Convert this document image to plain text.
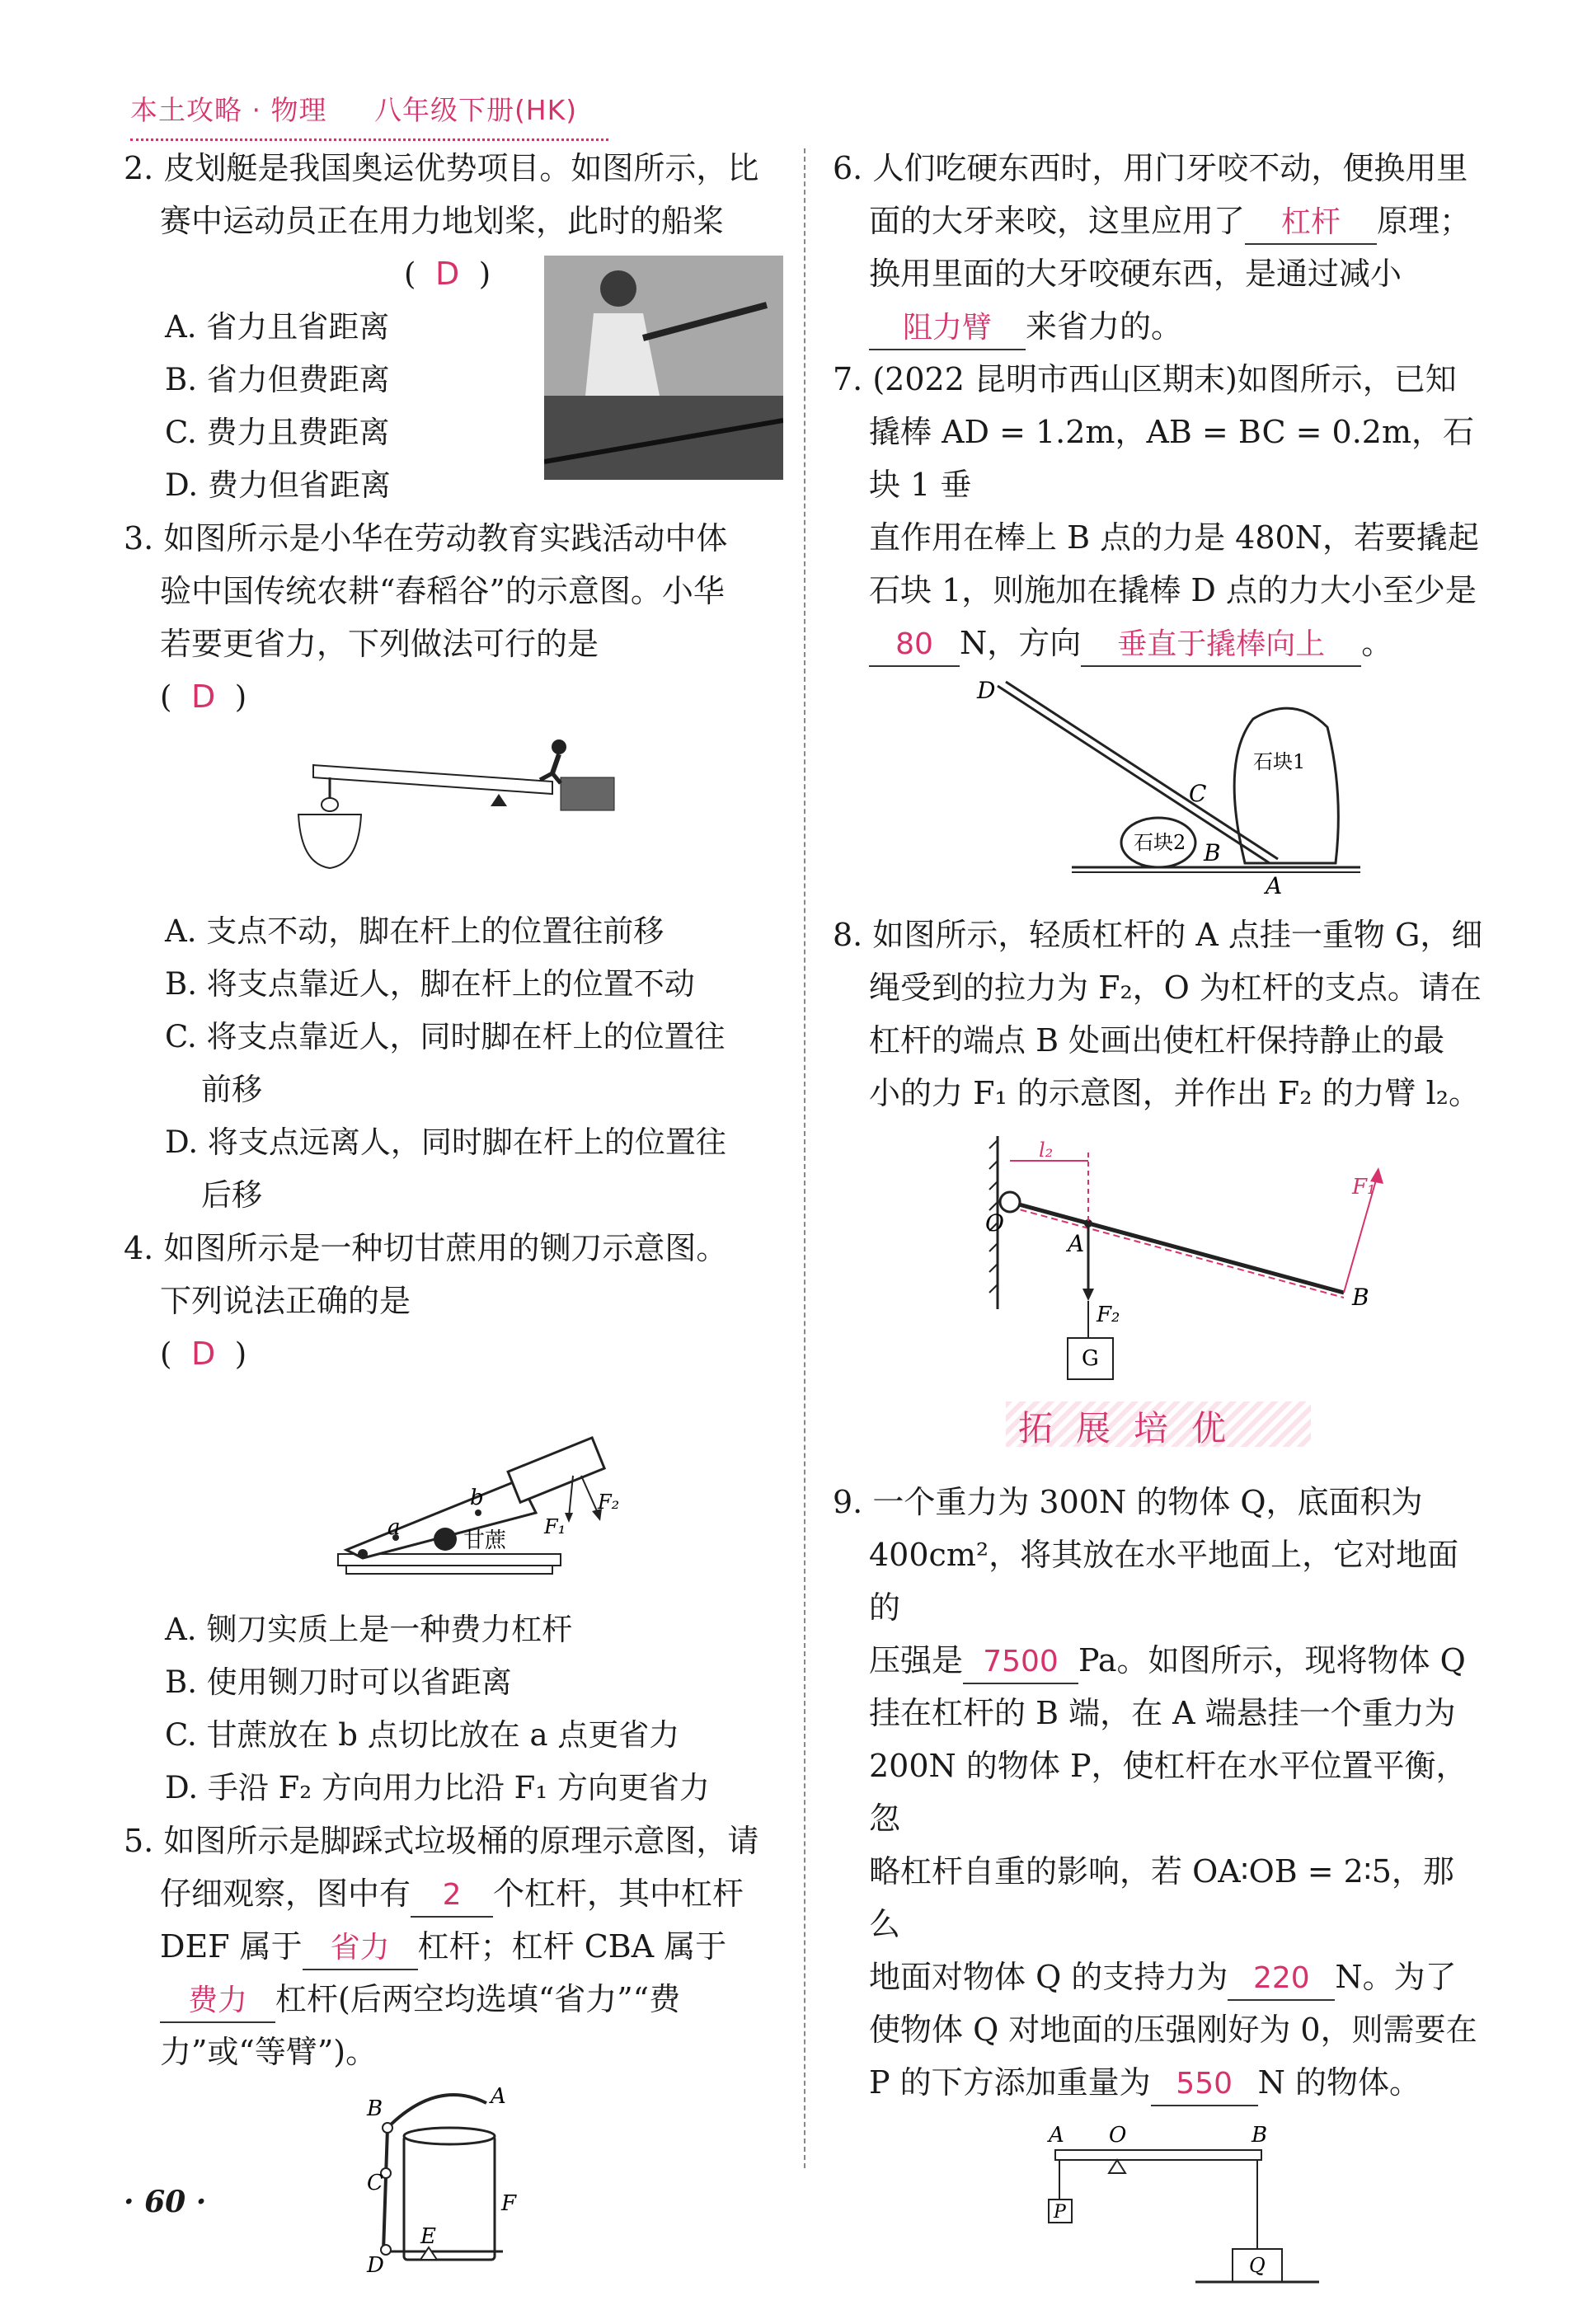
本土攻略 · 物理 八年级下册(HK)

2. 皮划艇是我国奥运优势项目。如图所示，比

赛中运动员正在用力地划桨，此时的船桨

(  D  )

A. 省力且省距离
B. 省力但费距离
C. 费力且费距离
D. 费力但省距离

3. 如图所示是小华在劳动教育实践活动中体

验中国传统农耕“舂稻谷”的示意图。小华

若要更省力，下列做法可行的是  (  D  )

A. 支点不动，脚在杆上的位置往前移
B. 将支点靠近人，脚在杆上的位置不动
C. 将支点靠近人，同时脚在杆上的位置往
前移
D. 将支点远离人，同时脚在杆上的位置往
后移

4. 如图所示是一种切甘蔗用的铡刀示意图。

下列说法正确的是  (  D  )

a
b
甘蔗
F₁
F₂
A. 铡刀实质上是一种费力杠杆
B. 使用铡刀时可以省距离
C. 甘蔗放在 b 点切比放在 a 点更省力
D. 手沿 F₂ 方向用力比沿 F₁ 方向更省力

5. 如图所示是脚踩式垃圾桶的原理示意图，请

仔细观察，图中有 2 个杠杆，其中杠杆

DEF 属于 省力 杠杆；杠杆 CBA 属于

费力 杠杆(后两空均选填“省力”“费

力”或“等臂”)。

B	A
C
F
E
D

6. 人们吃硬东西时，用门牙咬不动，便换用里

面的大牙来咬，这里应用了 杠杆 原理；

换用里面的大牙咬硬东西，是通过减小

阻力臂 来省力的。

7. (2022 昆明市西山区期末)如图所示，已知

撬棒 AD = 1.2m，AB = BC = 0.2m，石块 1 垂

直作用在棒上 B 点的力是 480N，若要撬起

石块 1，则施加在撬棒 D 点的力大小至少是

80 N，方向 垂直于撬棒向上 。

D
C
B
A
石块1
石块2

8. 如图所示，轻质杠杆的 A 点挂一重物 G，细

绳受到的拉力为 F₂，O 为杠杆的支点。请在

杠杆的端点 B 处画出使杠杆保持静止的最

小的力 F₁ 的示意图，并作出 F₂ 的力臂 l₂。

O
A
B
F₁
F₂
G
l₂
拓展培优

9. 一个重力为 300N 的物体 Q，底面积为

400cm²，将其放在水平地面上，它对地面的

压强是 7500 Pa。如图所示，现将物体 Q

挂在杠杆的 B 端，在 A 端悬挂一个重力为

200N 的物体 P，使杠杆在水平位置平衡，忽

略杠杆自重的影响，若 OA∶OB = 2∶5，那么

地面对物体 Q 的支持力为 220 N。为了

使物体 Q 对地面的压强刚好为 0，则需要在

P 的下方添加重量为 550 N 的物体。

A O	B
P
Q
· 60 ·
